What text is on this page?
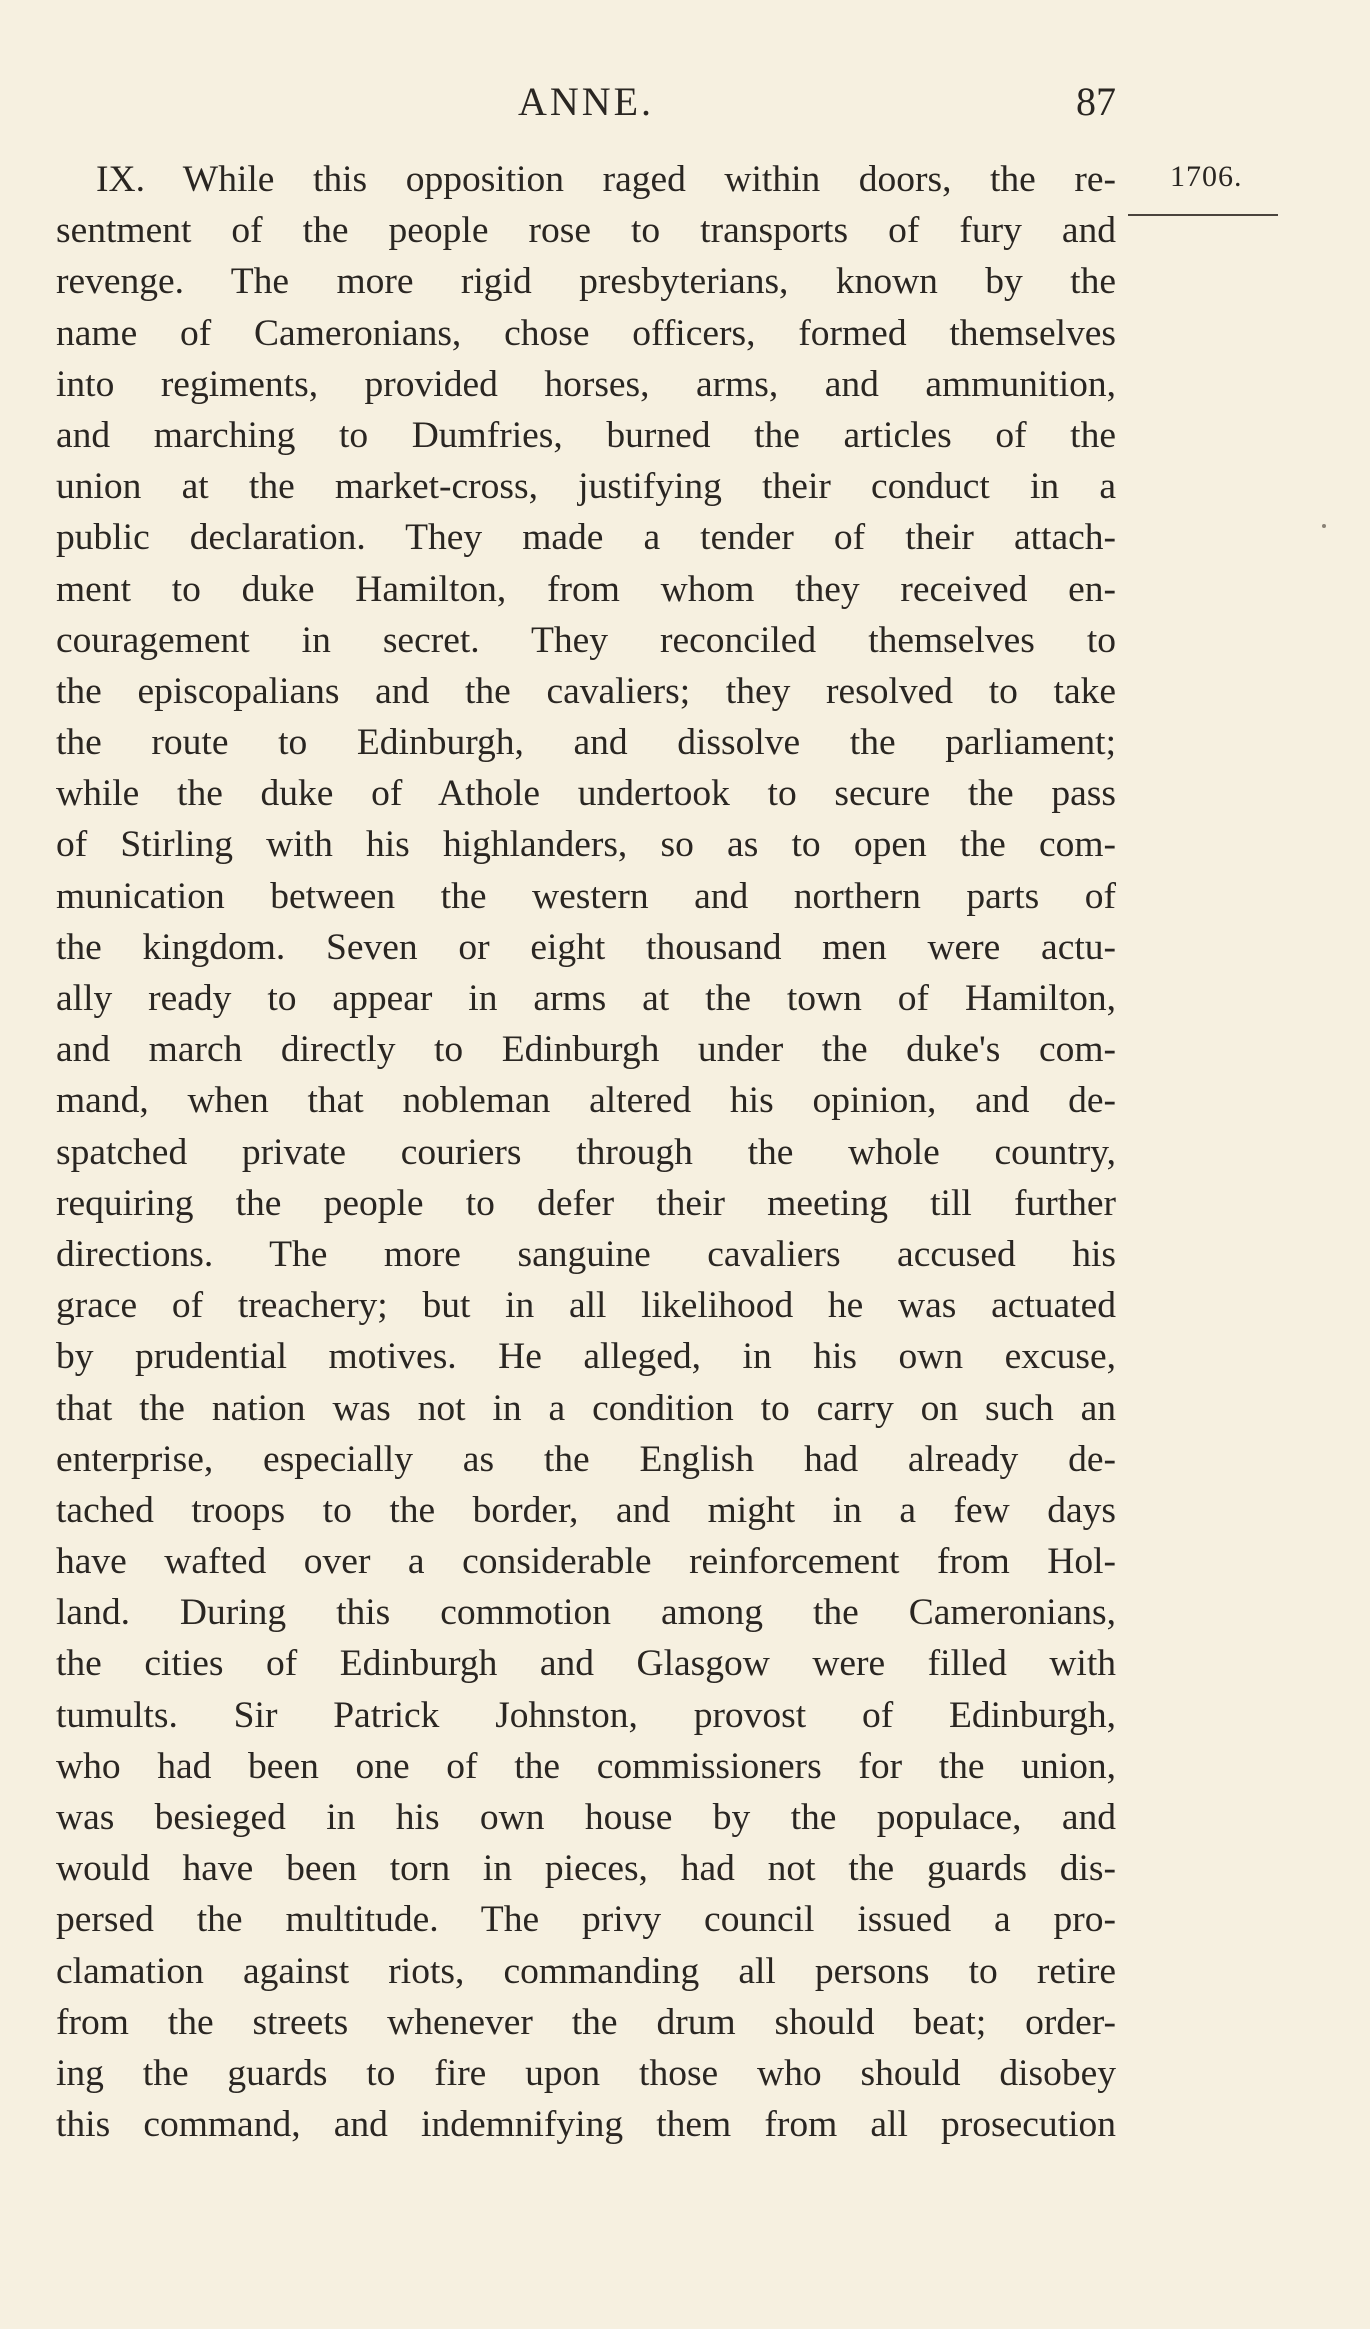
ANNE.	87
1706.
IX. While this opposition raged within doors, the re-
sentment of the people rose to transports of fury and
revenge. The more rigid presbyterians, known by the
name of Cameronians, chose officers, formed themselves
into regiments, provided horses, arms, and ammunition,
and marching to Dumfries, burned the articles of the
union at the market-cross, justifying their conduct in a
public declaration. They made a tender of their attach-
ment to duke Hamilton, from whom they received en-
couragement in secret. They reconciled themselves to
the episcopalians and the cavaliers; they resolved to take
the route to Edinburgh, and dissolve the parliament;
while the duke of Athole undertook to secure the pass
of Stirling with his highlanders, so as to open the com-
munication between the western and northern parts of
the kingdom. Seven or eight thousand men were actu-
ally ready to appear in arms at the town of Hamilton,
and march directly to Edinburgh under the duke's com-
mand, when that nobleman altered his opinion, and de-
spatched private couriers through the whole country,
requiring the people to defer their meeting till further
directions. The more sanguine cavaliers accused his
grace of treachery; but in all likelihood he was actuated
by prudential motives. He alleged, in his own excuse,
that the nation was not in a condition to carry on such an
enterprise, especially as the English had already de-
tached troops to the border, and might in a few days
have wafted over a considerable reinforcement from Hol-
land. During this commotion among the Cameronians,
the cities of Edinburgh and Glasgow were filled with
tumults. Sir Patrick Johnston, provost of Edinburgh,
who had been one of the commissioners for the union,
was besieged in his own house by the populace, and
would have been torn in pieces, had not the guards dis-
persed the multitude. The privy council issued a pro-
clamation against riots, commanding all persons to retire
from the streets whenever the drum should beat; order-
ing the guards to fire upon those who should disobey
this command, and indemnifying them from all prosecution
